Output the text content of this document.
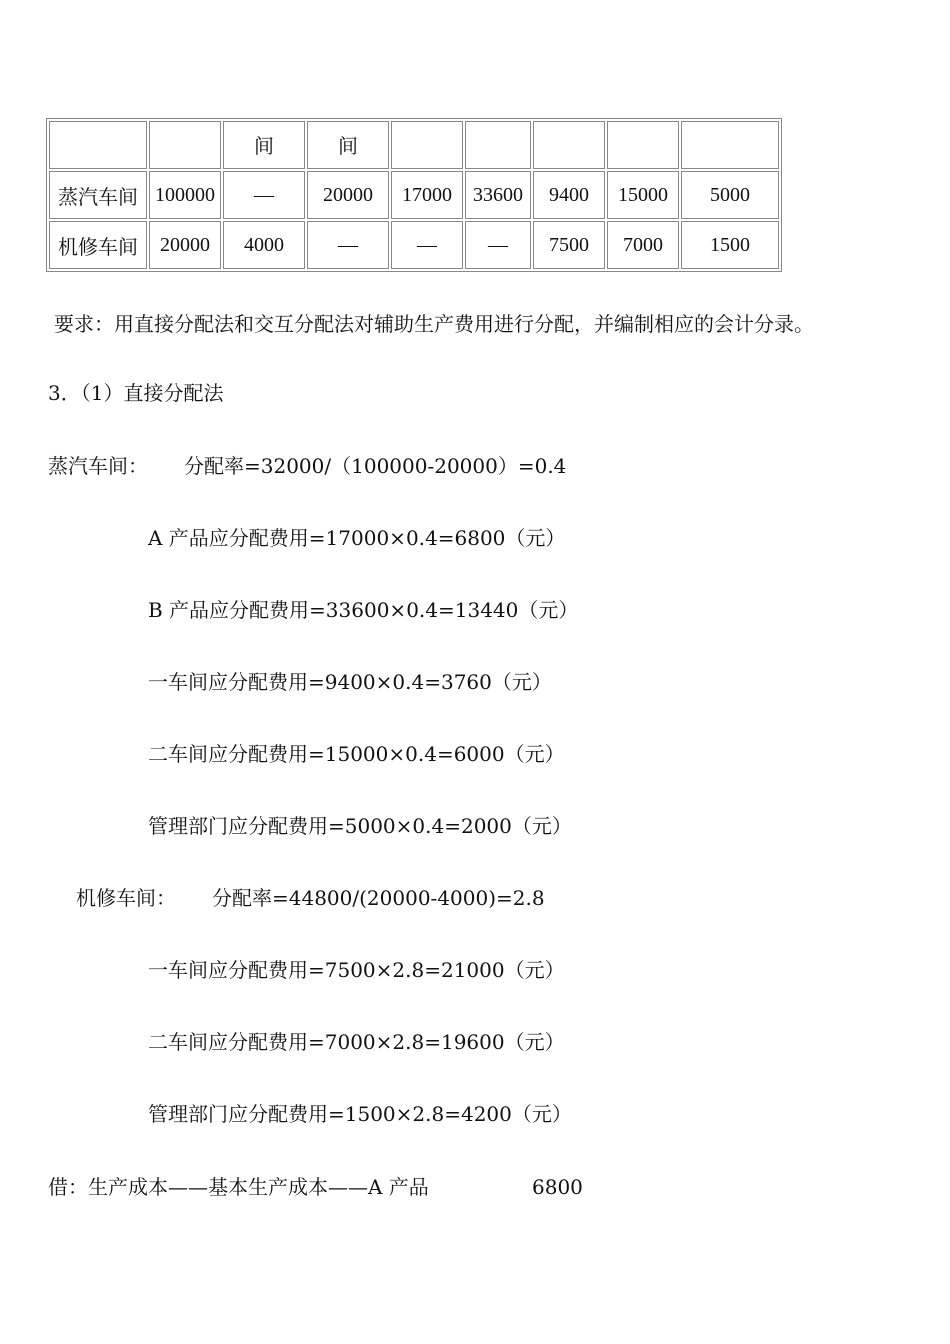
		间	间					
蒸汽车间	100000	—	20000	17000	33600	9400	15000	5000
机修车间	20000	4000	—	—	—	7500	7000	1500
要求：用直接分配法和交互分配法对辅助生产费用进行分配，并编制相应的会计分录。
3．（1）直接分配法
蒸汽车间： 分配率=32000/（100000-20000）=0.4
A 产品应分配费用=17000×0.4=6800（元）
B 产品应分配费用=33600×0.4=13440（元）
一车间应分配费用=9400×0.4=3760（元）
二车间应分配费用=15000×0.4=6000（元）
管理部门应分配费用=5000×0.4=2000（元）
机修车间： 分配率=44800/(20000-4000)=2.8
一车间应分配费用=7500×2.8=21000（元）
二车间应分配费用=7000×2.8=19600（元）
管理部门应分配费用=1500×2.8=4200（元）
借：生产成本——基本生产成本——A 产品	6800
